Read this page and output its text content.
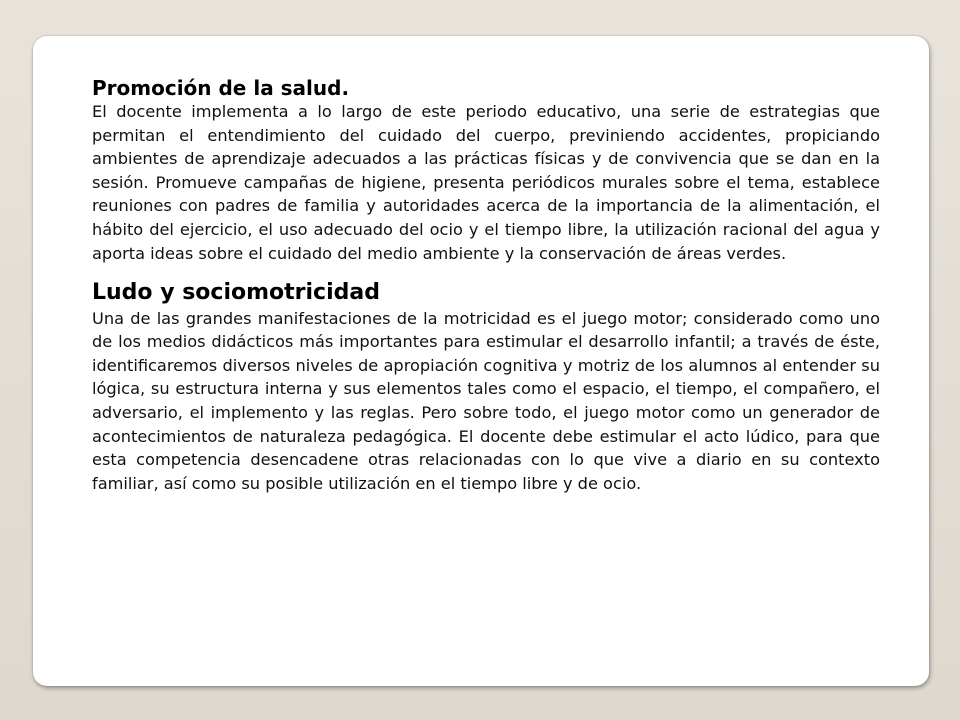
Promoción de la salud.

El docente implementa a lo largo de este periodo educativo, una serie de estrategias que permitan el entendimiento del cuidado del cuerpo, previniendo accidentes, propiciando ambientes de aprendizaje adecuados a las prácticas físicas y de convivencia que se dan en la sesión. Promueve campañas de higiene, presenta periódicos murales sobre el tema, establece reuniones con padres de familia y autoridades acerca de la importancia de la alimentación, el hábito del ejercicio, el uso adecuado del ocio y el tiempo libre, la utilización racional del agua y aporta ideas sobre el cuidado del medio ambiente y la conservación de áreas verdes.

Ludo y sociomotricidad

Una de las grandes manifestaciones de la motricidad es el juego motor; considerado como uno de los medios didácticos más importantes para estimular el desarrollo infantil; a través de éste, identificaremos diversos niveles de apropiación cognitiva y motriz de los alumnos al entender su lógica, su estructura interna y sus elementos tales como el espacio, el tiempo, el compañero, el adversario, el implemento y las reglas. Pero sobre todo, el juego motor como un generador de acontecimientos de naturaleza pedagógica. El docente debe estimular el acto lúdico, para que esta competencia desencadene otras relacionadas con lo que vive a diario en su contexto familiar, así como su posible utilización en el tiempo libre y de ocio.
